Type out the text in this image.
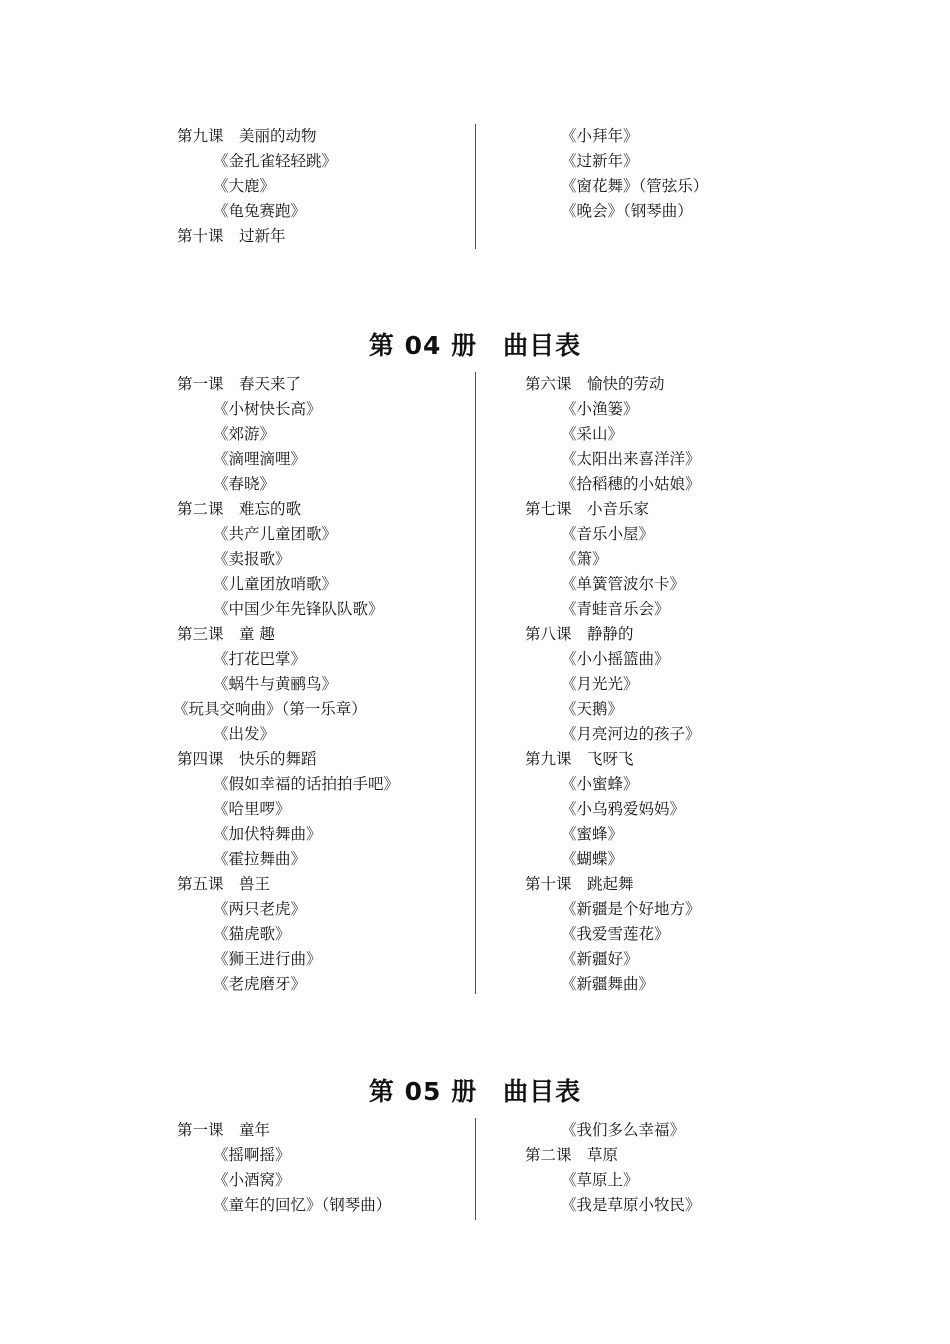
第九课　美丽的动物
《金孔雀轻轻跳》
《大鹿》
《龟兔赛跑》
第十课　过新年
《小拜年》
《过新年》
《窗花舞》（管弦乐）
《晚会》（钢琴曲）
第 04 册　曲目表
第一课　春天来了
《小树快长高》
《郊游》
《滴哩滴哩》
《春晓》
第二课　难忘的歌
《共产儿童团歌》
《卖报歌》
《儿童团放哨歌》
《中国少年先锋队队歌》
第三课　童 趣
《打花巴掌》
《蜗牛与黄鹂鸟》
《玩具交响曲》（第一乐章）
《出发》
第四课　快乐的舞蹈
《假如幸福的话拍拍手吧》
《哈里啰》
《加伏特舞曲》
《霍拉舞曲》
第五课　兽王
《两只老虎》
《猫虎歌》
《狮王进行曲》
《老虎磨牙》
第六课　愉快的劳动
《小渔篓》
《采山》
《太阳出来喜洋洋》
《拾稻穗的小姑娘》
第七课　小音乐家
《音乐小屋》
《箫》
《单簧管波尔卡》
《青蛙音乐会》
第八课　静静的
《小小摇篮曲》
《月光光》
《天鹅》
《月亮河边的孩子》
第九课　飞呀飞
《小蜜蜂》
《小乌鸦爱妈妈》
《蜜蜂》
《蝴蝶》
第十课　跳起舞
《新疆是个好地方》
《我爱雪莲花》
《新疆好》
《新疆舞曲》
第 05 册　曲目表
第一课　童年
《摇啊摇》
《小酒窝》
《童年的回忆》（钢琴曲）
《我们多么幸福》
第二课　草原
《草原上》
《我是草原小牧民》
